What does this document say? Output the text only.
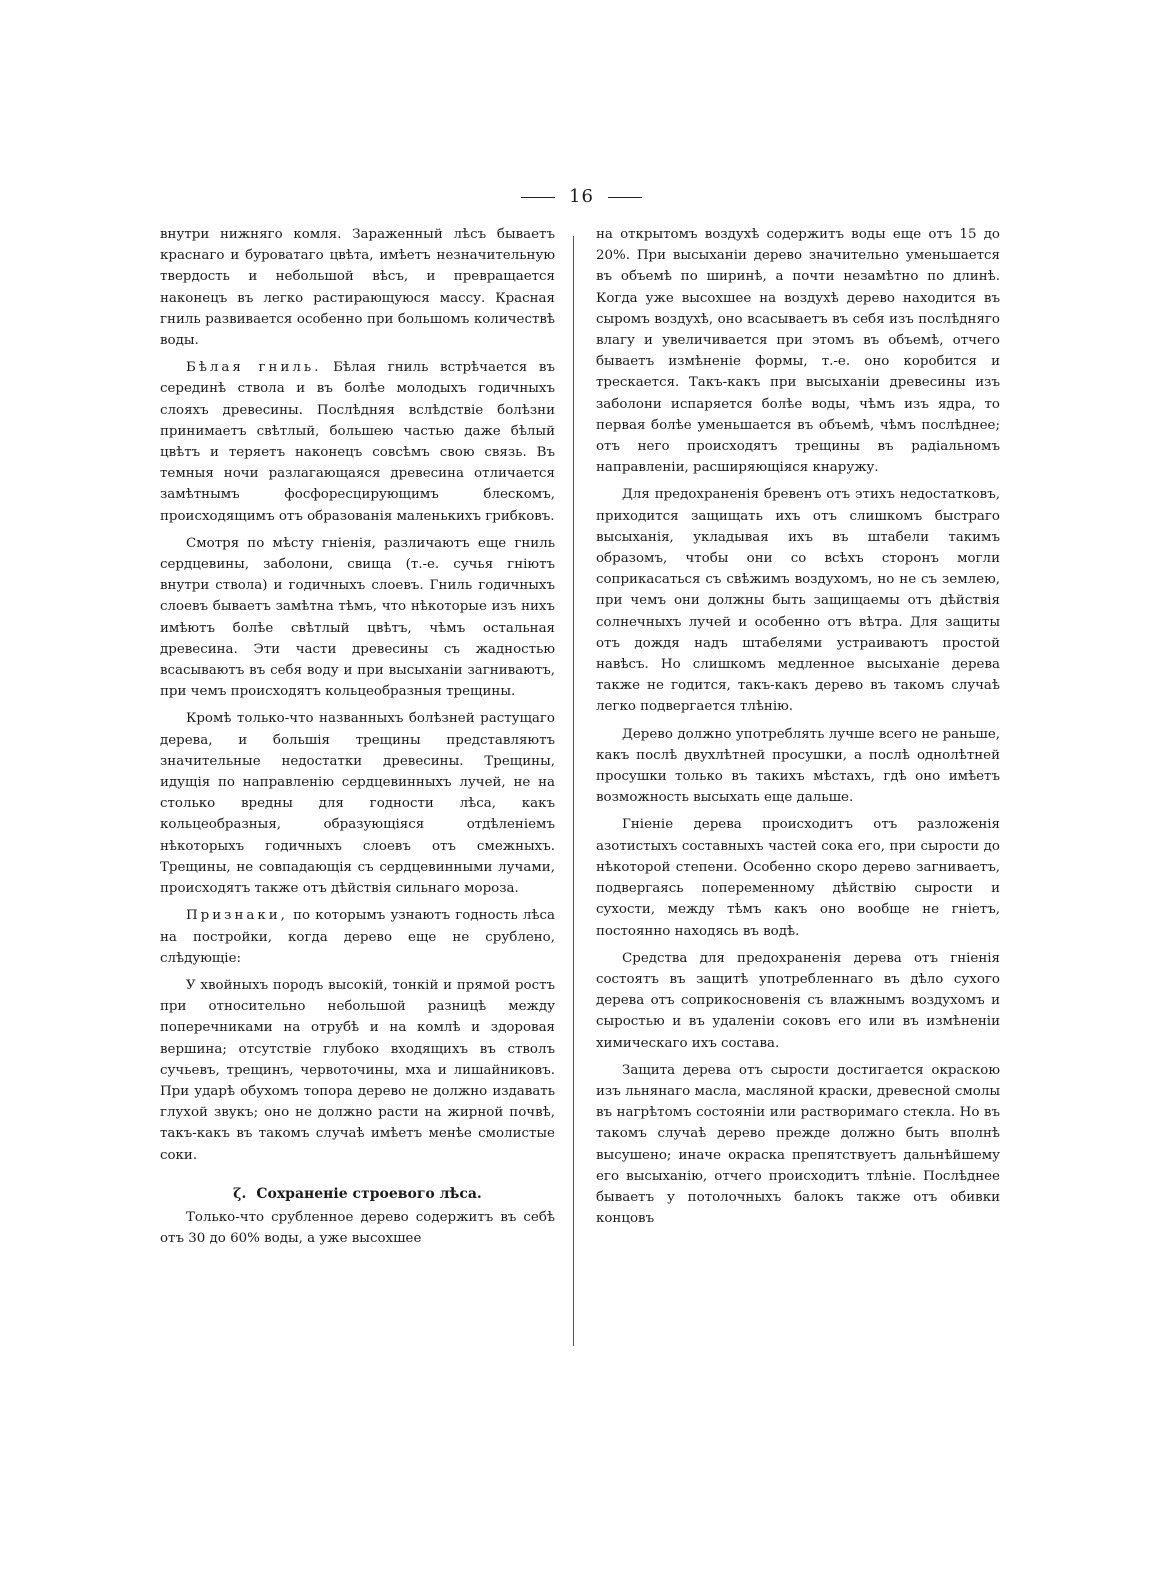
16

внутри нижняго комля. Зараженный лѣсъ бываетъ краснаго и буроватаго цвѣта, имѣетъ незначительную твердость и небольшой вѣсъ, и превращается наконецъ въ легко растирающуюся массу. Красная гниль развивается особенно при большомъ количествѣ воды.

Бѣлая гниль. Бѣлая гниль встрѣчается въ серединѣ ствола и въ болѣе молодыхъ годичныхъ слояхъ древесины. Послѣдняя вслѣдствіе болѣзни принимаетъ свѣтлый, большею частью даже бѣлый цвѣтъ и теряетъ наконецъ совсѣмъ свою связь. Въ темныя ночи разлагающаяся древесина отличается замѣтнымъ фосфоресцирующимъ блескомъ, происходящимъ отъ образованія маленькихъ грибковъ.

Смотря по мѣсту гніенія, различаютъ еще гниль сердцевины, заболони, свища (т.-е. сучья гніютъ внутри ствола) и годичныхъ слоевъ. Гниль годичныхъ слоевъ бываетъ замѣтна тѣмъ, что нѣкоторые изъ нихъ имѣютъ болѣе свѣтлый цвѣтъ, чѣмъ остальная древесина. Эти части древесины съ жадностью всасываютъ въ себя воду и при высыханіи загниваютъ, при чемъ происходятъ кольцеобразныя трещины.

Кромѣ только-что названныхъ болѣзней растущаго дерева, и большія трещины представляютъ значительные недостатки древесины. Трещины, идущія по направленію сердцевинныхъ лучей, не на столько вредны для годности лѣса, какъ кольцеобразныя, образующіяся отдѣленіемъ нѣкоторыхъ годичныхъ слоевъ отъ смежныхъ. Трещины, не совпадающія съ сердцевинными лучами, происходятъ также отъ дѣйствія сильнаго мороза.

Признаки, по которымъ узнаютъ годность лѣса на постройки, когда дерево еще не срублено, слѣдующіе:

У хвойныхъ породъ высокій, тонкій и прямой ростъ при относительно небольшой разницѣ между поперечниками на отрубѣ и на комлѣ и здоровая вершина; отсутствіе глубоко входящихъ въ стволъ сучьевъ, трещинъ, червоточины, мха и лишайниковъ. При ударѣ обухомъ топора дерево не должно издавать глухой звукъ; оно не должно расти на жирной почвѣ, такъ-какъ въ такомъ случаѣ имѣетъ менѣе смолистые соки.

ζ. Сохраненіе строевого лѣса.

Только-что срубленное дерево содержитъ въ себѣ отъ 30 до 60% воды, а уже высохшее

на открытомъ воздухѣ содержитъ воды еще отъ 15 до 20%. При высыханіи дерево значительно уменьшается въ объемѣ по ширинѣ, а почти незамѣтно по длинѣ. Когда уже высохшее на воздухѣ дерево находится въ сыромъ воздухѣ, оно всасываетъ въ себя изъ послѣдняго влагу и увеличивается при этомъ въ объемѣ, отчего бываетъ измѣненіе формы, т.-е. оно коробится и трескается. Такъ-какъ при высыханіи древесины изъ заболони испаряется болѣе воды, чѣмъ изъ ядра, то первая болѣе уменьшается въ объемѣ, чѣмъ послѣднее; отъ него происходятъ трещины въ радіальномъ направленіи, расширяющіяся кнаружу.

Для предохраненія бревенъ отъ этихъ недостатковъ, приходится защищать ихъ отъ слишкомъ быстраго высыханія, укладывая ихъ въ штабели такимъ образомъ, чтобы они со всѣхъ сторонъ могли соприкасаться съ свѣжимъ воздухомъ, но не съ землею, при чемъ они должны быть защищаемы отъ дѣйствія солнечныхъ лучей и особенно отъ вѣтра. Для защиты отъ дождя надъ штабелями устраиваютъ простой навѣсъ. Но слишкомъ медленное высыханіе дерева также не годится, такъ-какъ дерево въ такомъ случаѣ легко подвергается тлѣнію.

Дерево должно употреблять лучше всего не раньше, какъ послѣ двухлѣтней просушки, а послѣ однолѣтней просушки только въ такихъ мѣстахъ, гдѣ оно имѣетъ возможность высыхать еще дальше.

Гніеніе дерева происходитъ отъ разложенія азотистыхъ составныхъ частей сока его, при сырости до нѣкоторой степени. Особенно скоро дерево загниваетъ, подвергаясь попеременному дѣйствію сырости и сухости, между тѣмъ какъ оно вообще не гніетъ, постоянно находясь въ водѣ.

Средства для предохраненія дерева отъ гніенія состоятъ въ защитѣ употребленнаго въ дѣло сухого дерева отъ соприкосновенія съ влажнымъ воздухомъ и сыростью и въ удаленіи соковъ его или въ измѣненіи химическаго ихъ состава.

Защита дерева отъ сырости достигается окраскою изъ льнянаго масла, масляной краски, древесной смолы въ нагрѣтомъ состояніи или растворимаго стекла. Но въ такомъ случаѣ дерево прежде должно быть вполнѣ высушено; иначе окраска препятствуетъ дальнѣйшему его высыханію, отчего происходитъ тлѣніе. Послѣднее бываетъ у потолочныхъ балокъ также отъ обивки концовъ
